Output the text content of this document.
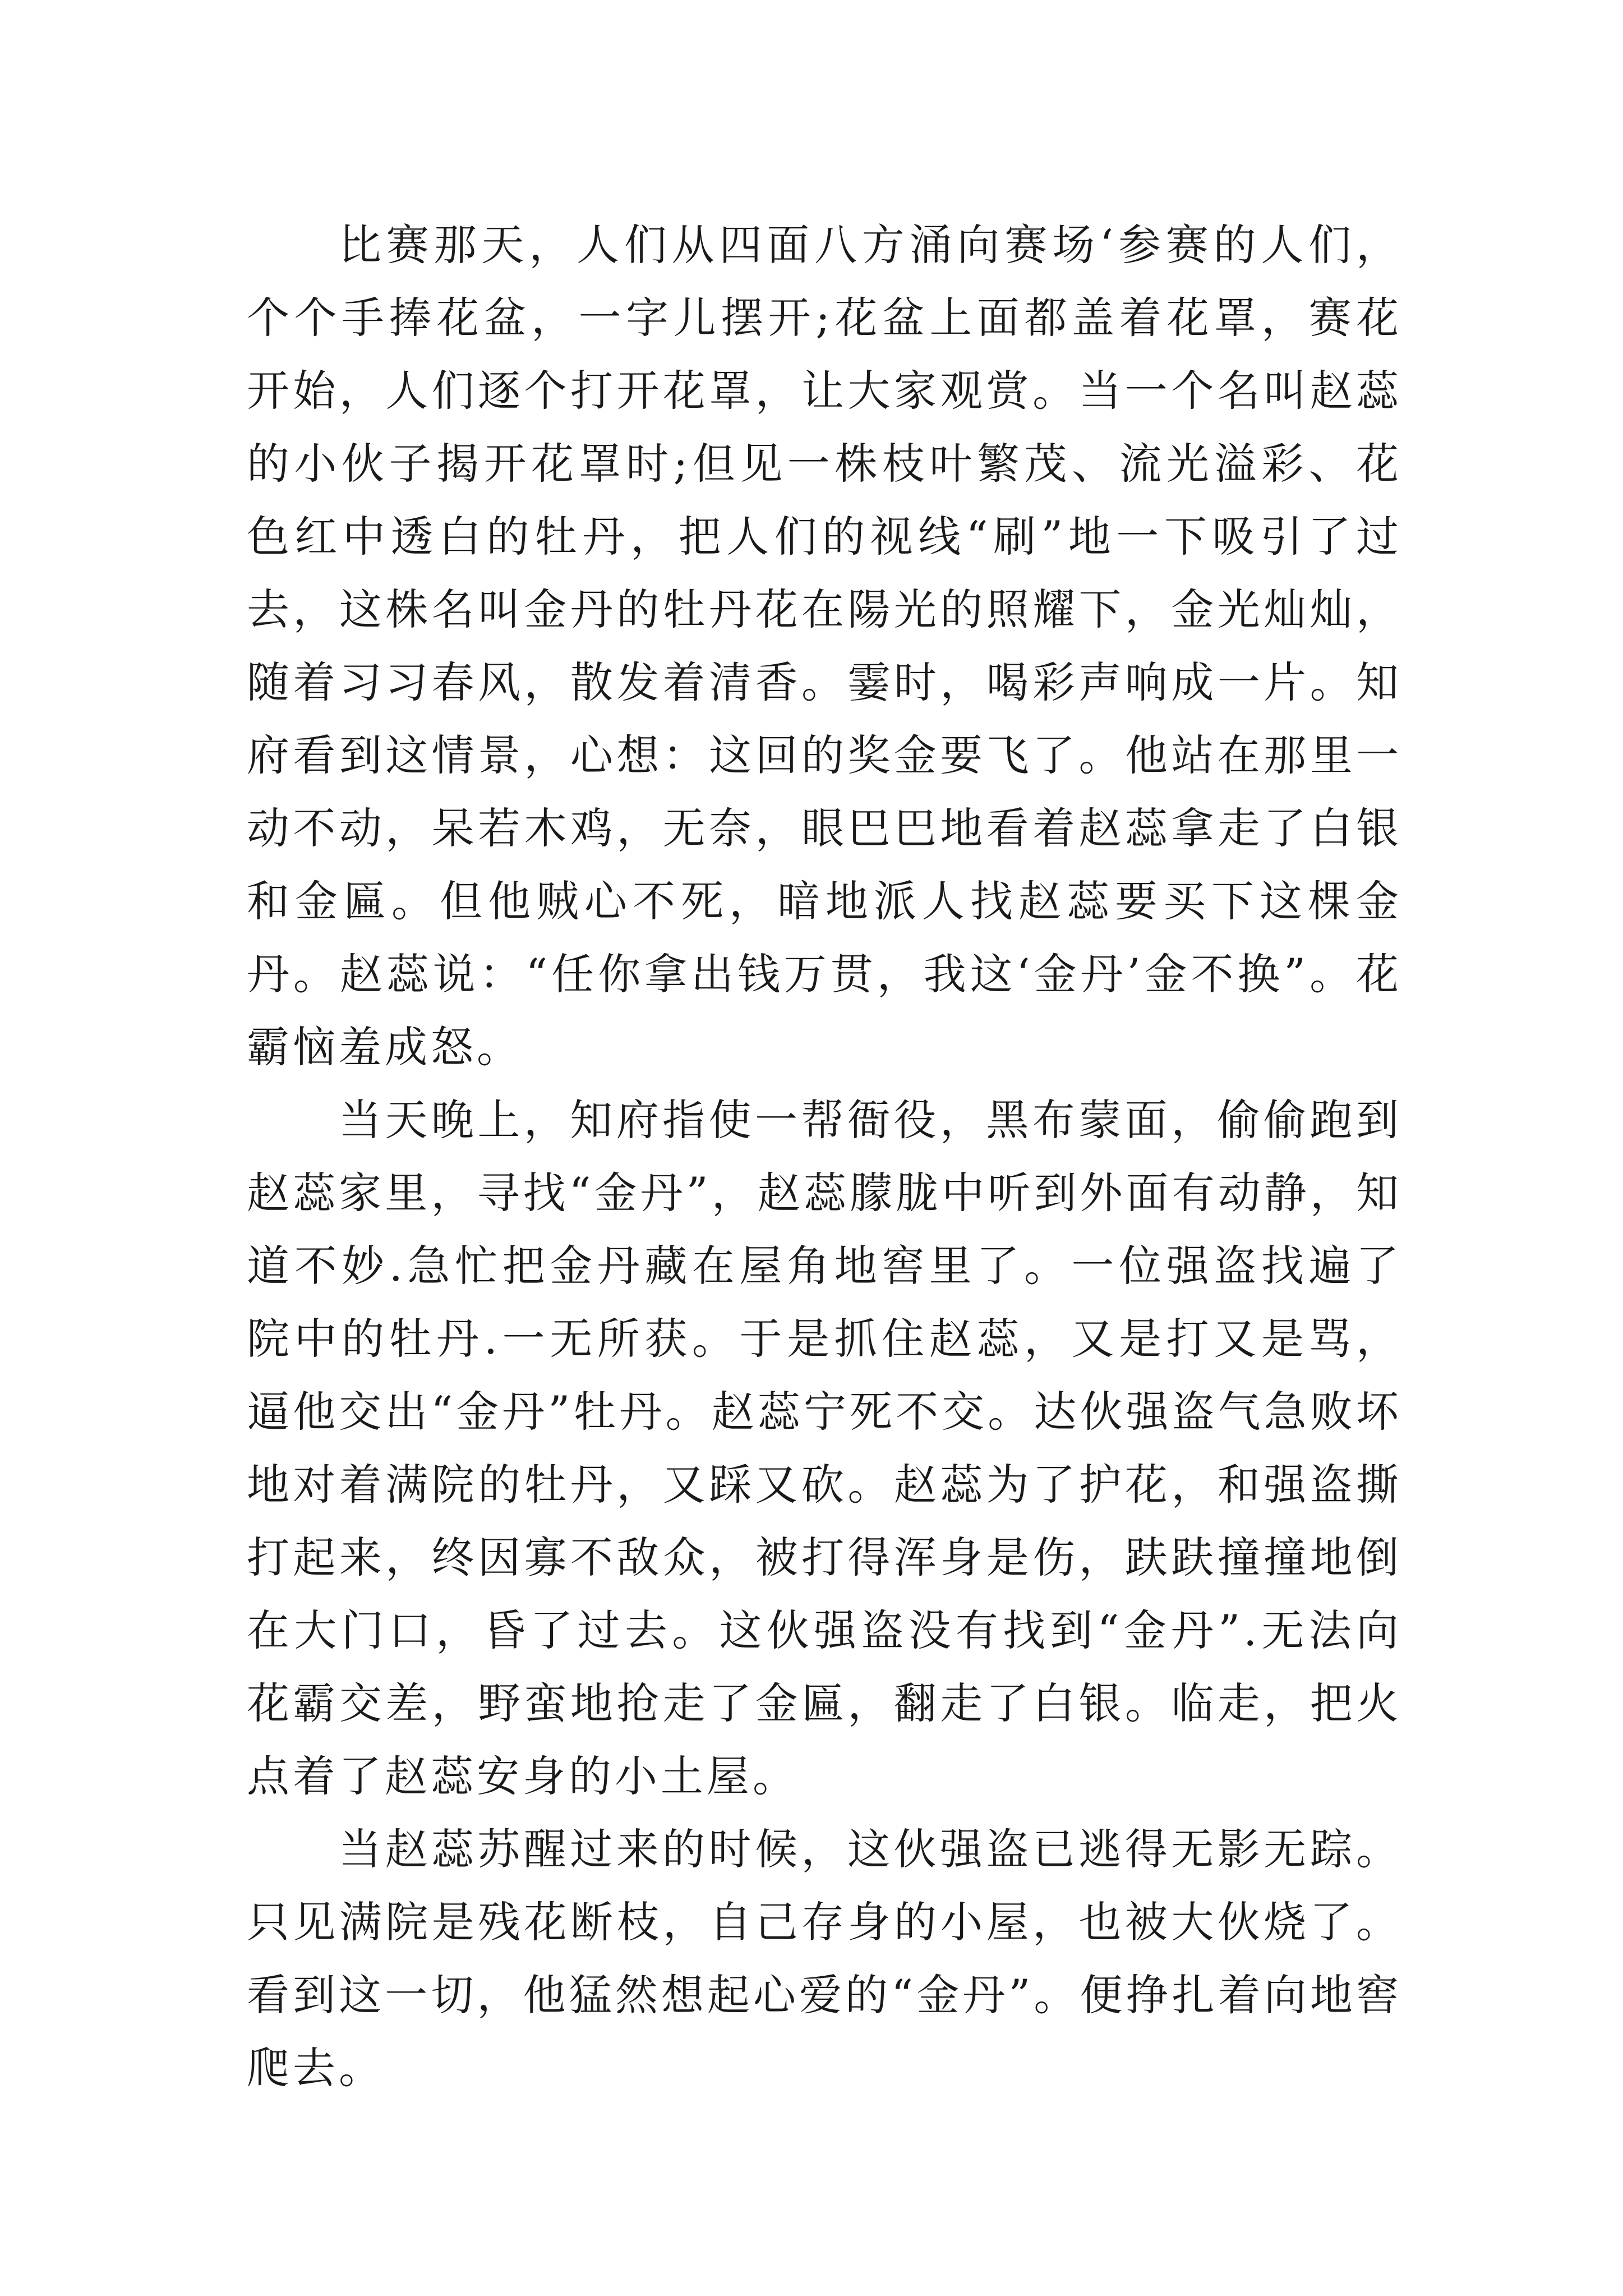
比赛那天，人们从四面八方涌向赛场‘参赛的人们，个个手捧花盆，一字儿摆开;花盆上面都盖着花罩，赛花开始，人们逐个打开花罩，让大家观赏。当一个名叫赵蕊的小伙子揭开花罩时;但见一株枝叶繁茂、流光溢彩、花色红中透白的牡丹，把人们的视线“刷”地一下吸引了过去，这株名叫金丹的牡丹花在陽光的照耀下，金光灿灿，随着习习春风，散发着清香。霎时，喝彩声响成一片。知府看到这情景，心想：这回的奖金要飞了。他站在那里一动不动，呆若木鸡，无奈，眼巴巴地看着赵蕊拿走了白银和金匾。但他贼心不死，暗地派人找赵蕊要买下这棵金丹。赵蕊说：“任你拿出钱万贯，我这‘金丹’金不换”。花霸恼羞成怒。

当天晚上，知府指使一帮衙役，黑布蒙面，偷偷跑到赵蕊家里，寻找“金丹”，赵蕊朦胧中听到外面有动静，知道不妙.急忙把金丹藏在屋角地窖里了。一位强盗找遍了院中的牡丹.一无所获。于是抓住赵蕊，又是打又是骂，逼他交出“金丹”牡丹。赵蕊宁死不交。达伙强盗气急败坏地对着满院的牡丹，又踩又砍。赵蕊为了护花，和强盗撕打起来，终因寡不敌众，被打得浑身是伤，趺趺撞撞地倒在大门口，昏了过去。这伙强盗没有找到“金丹”.无法向花霸交差，野蛮地抢走了金匾，翻走了白银。临走，把火点着了赵蕊安身的小土屋。

当赵蕊苏醒过来的时候，这伙强盗已逃得无影无踪。只见满院是残花断枝，自己存身的小屋，也被大伙烧了。看到这一切，他猛然想起心爱的“金丹”。便挣扎着向地窖爬去。
